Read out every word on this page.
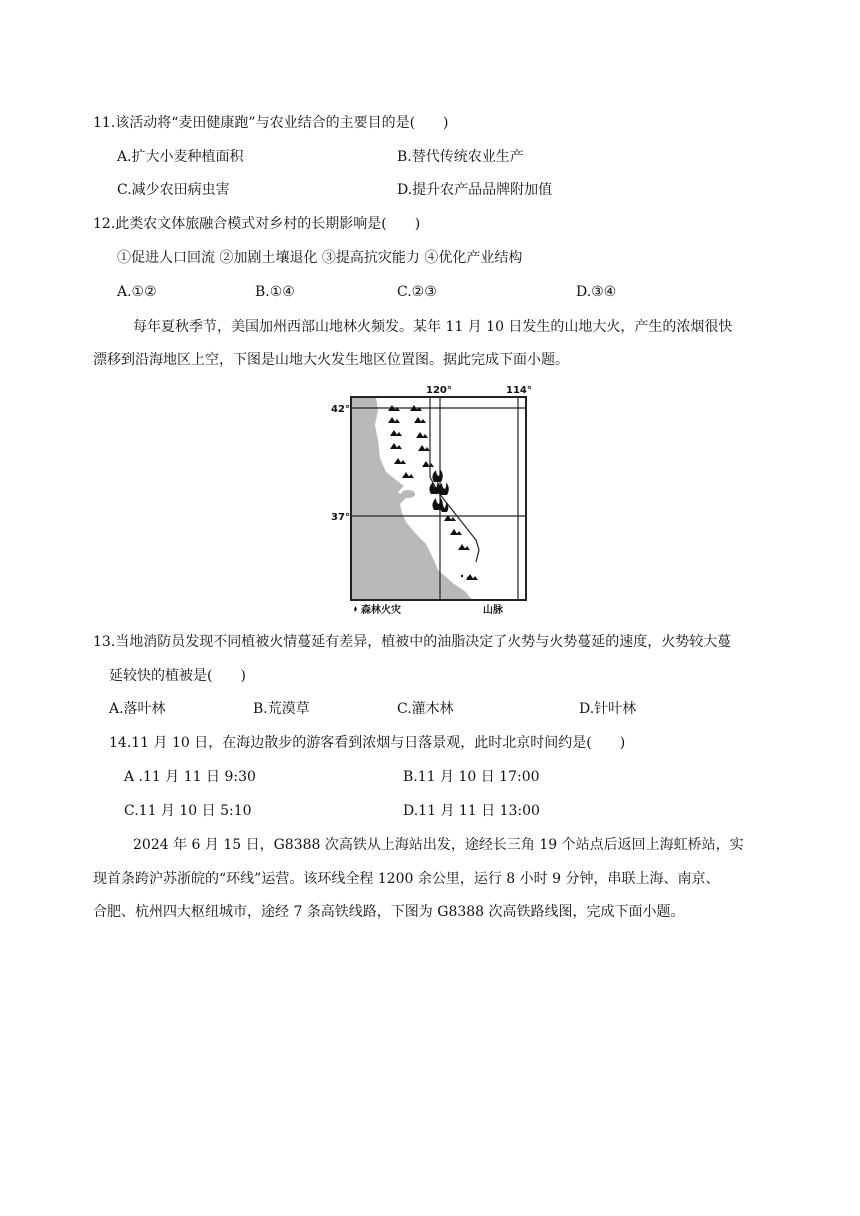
11.该活动将“麦田健康跑”与农业结合的主要目的是(　　)
A.扩大小麦种植面积	B.替代传统农业生产
C.减少农田病虫害	D.提升农产品品牌附加值
12.此类农文体旅融合模式对乡村的长期影响是(　　)
①促进人口回流 ②加剧土壤退化 ③提高抗灾能力 ④优化产业结构
A.①②	B.①④	C.②③	D.③④
每年夏秋季节，美国加州西部山地林火频发。某年 11 月 10 日发生的山地大火，产生的浓烟很快
漂移到沿海地区上空，下图是山地大火发生地区位置图。据此完成下面小题。
120°	114°
42°
37°
森林火灾	山脉
13.当地消防员发现不同植被火情蔓延有差异，植被中的油脂决定了火势与火势蔓延的速度，火势较大蔓
延较快的植被是(　　)
A.落叶林	B.荒漠草	C.灌木林	D.针叶林
14.11 月 10 日，在海边散步的游客看到浓烟与日落景观，此时北京时间约是(　　)
A .11 月 11 日 9:30	B.11 月 10 日 17:00
C.11 月 10 日 5:10	D.11 月 11 日 13:00
2024 年 6 月 15 日，G8388 次高铁从上海站出发，途经长三角 19 个站点后返回上海虹桥站，实
现首条跨沪苏浙皖的“环线”运营。该环线全程 1200 余公里，运行 8 小时 9 分钟，串联上海、南京、
合肥、杭州四大枢纽城市，途经 7 条高铁线路，下图为 G8388 次高铁路线图，完成下面小题。
